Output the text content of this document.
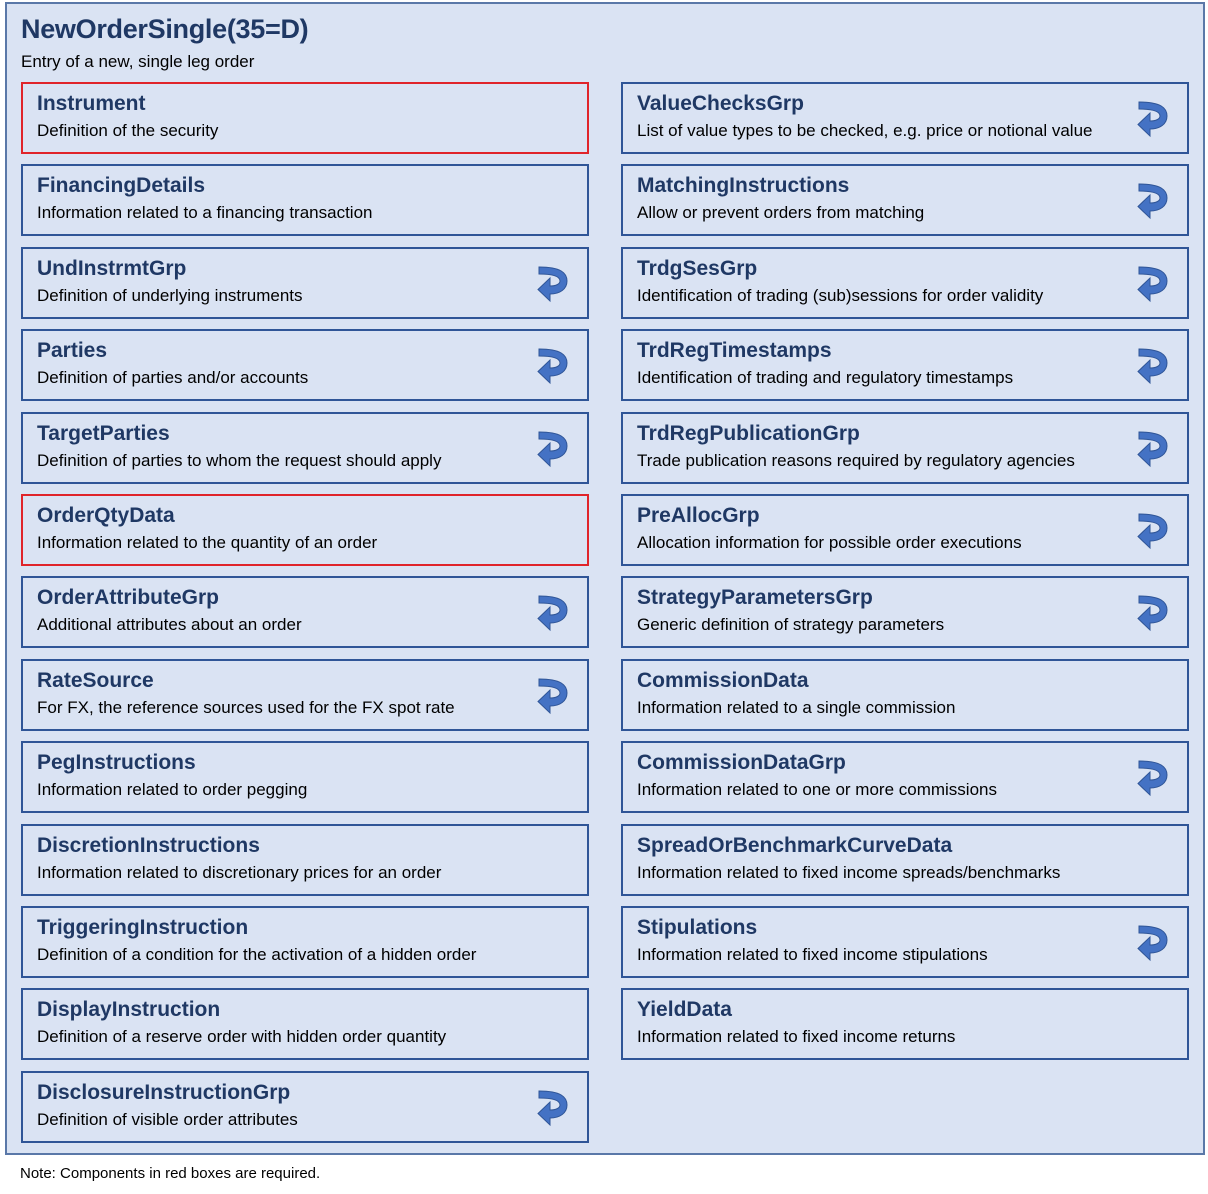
NewOrderSingle(35=D)
Entry of a new, single leg order
Instrument
Definition of the security
FinancingDetails
Information related to a financing transaction
UndInstrmtGrp
Definition of underlying instruments
Parties
Definition of parties and/or accounts
TargetParties
Definition of parties to whom the request should apply
OrderQtyData
Information related to the quantity of an order
OrderAttributeGrp
Additional attributes about an order
RateSource
For FX, the reference sources used for the FX spot rate
PegInstructions
Information related to order pegging
DiscretionInstructions
Information related to discretionary prices for an order
TriggeringInstruction
Definition of a condition for the activation of a hidden order
DisplayInstruction
Definition of a reserve order with hidden order quantity
DisclosureInstructionGrp
Definition of visible order attributes
ValueChecksGrp
List of value types to be checked, e.g. price or notional value
MatchingInstructions
Allow or prevent orders from matching
TrdgSesGrp
Identification of trading (sub)sessions for order validity
TrdRegTimestamps
Identification of trading and regulatory timestamps
TrdRegPublicationGrp
Trade publication reasons required by regulatory agencies
PreAllocGrp
Allocation information for possible order executions
StrategyParametersGrp
Generic definition of strategy parameters
CommissionData
Information related to a single commission
CommissionDataGrp
Information related to one or more commissions
SpreadOrBenchmarkCurveData
Information related to fixed income spreads/benchmarks
Stipulations
Information related to fixed income stipulations
YieldData
Information related to fixed income returns
Note: Components in red boxes are required.
